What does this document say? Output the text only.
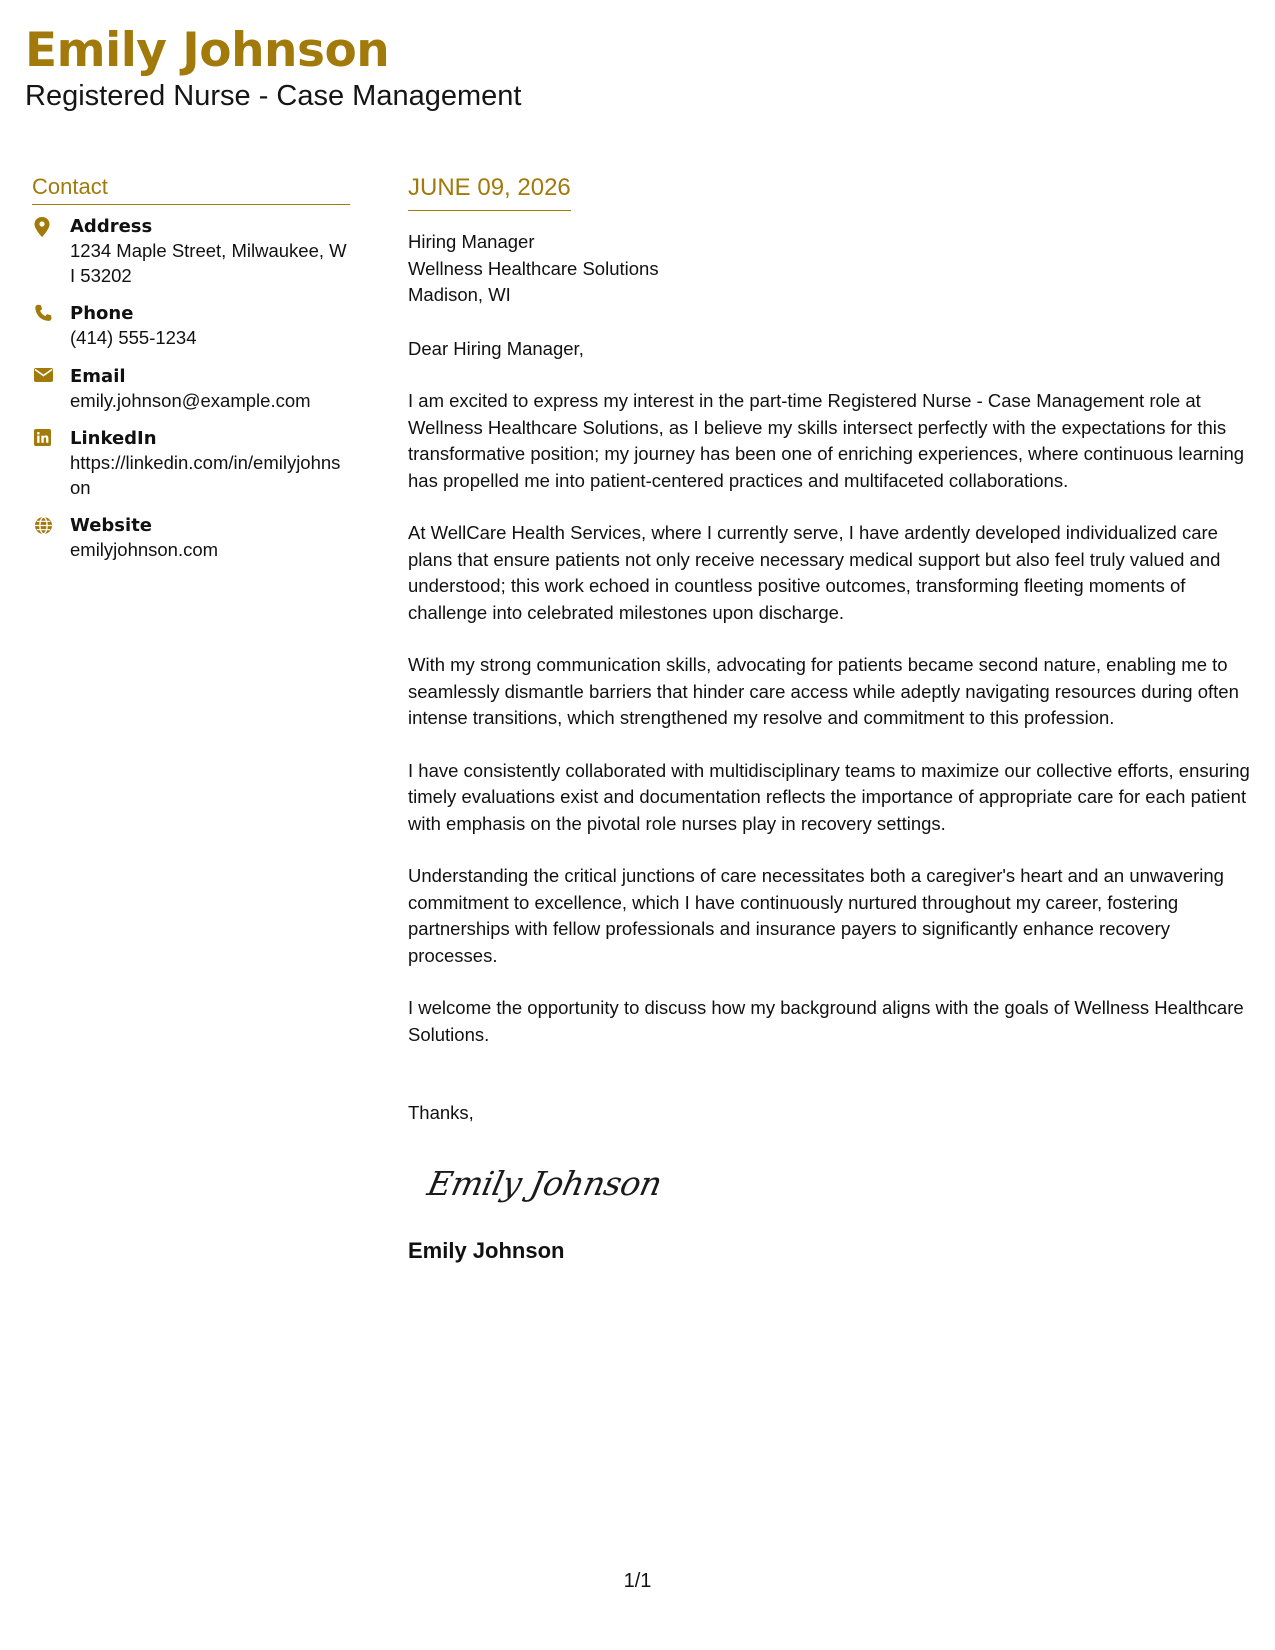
Emily Johnson
Registered Nurse - Case Management
Contact
Address
1234 Maple Street, Milwaukee, WI 53202
Phone
(414) 555-1234
Email
emily.johnson@example.com
LinkedIn
https://linkedin.com/in/emilyjohnson
Website
emilyjohnson.com
JUNE 09, 2026
Hiring Manager
Wellness Healthcare Solutions
Madison, WI
Dear Hiring Manager,
I am excited to express my interest in the part-time Registered Nurse - Case Management role at Wellness Healthcare Solutions, as I believe my skills intersect perfectly with the expectations for this transformative position; my journey has been one of enriching experiences, where continuous learning has propelled me into patient-centered practices and multifaceted collaborations.
At WellCare Health Services, where I currently serve, I have ardently developed individualized care plans that ensure patients not only receive necessary medical support but also feel truly valued and understood; this work echoed in countless positive outcomes, transforming fleeting moments of challenge into celebrated milestones upon discharge.
With my strong communication skills, advocating for patients became second nature, enabling me to seamlessly dismantle barriers that hinder care access while adeptly navigating resources during often intense transitions, which strengthened my resolve and commitment to this profession.
I have consistently collaborated with multidisciplinary teams to maximize our collective efforts, ensuring timely evaluations exist and documentation reflects the importance of appropriate care for each patient with emphasis on the pivotal role nurses play in recovery settings.
Understanding the critical junctions of care necessitates both a caregiver's heart and an unwavering commitment to excellence, which I have continuously nurtured throughout my career, fostering partnerships with fellow professionals and insurance payers to significantly enhance recovery processes.
I welcome the opportunity to discuss how my background aligns with the goals of Wellness Healthcare Solutions.
Thanks,
Emily Johnson
Emily Johnson
1/1
